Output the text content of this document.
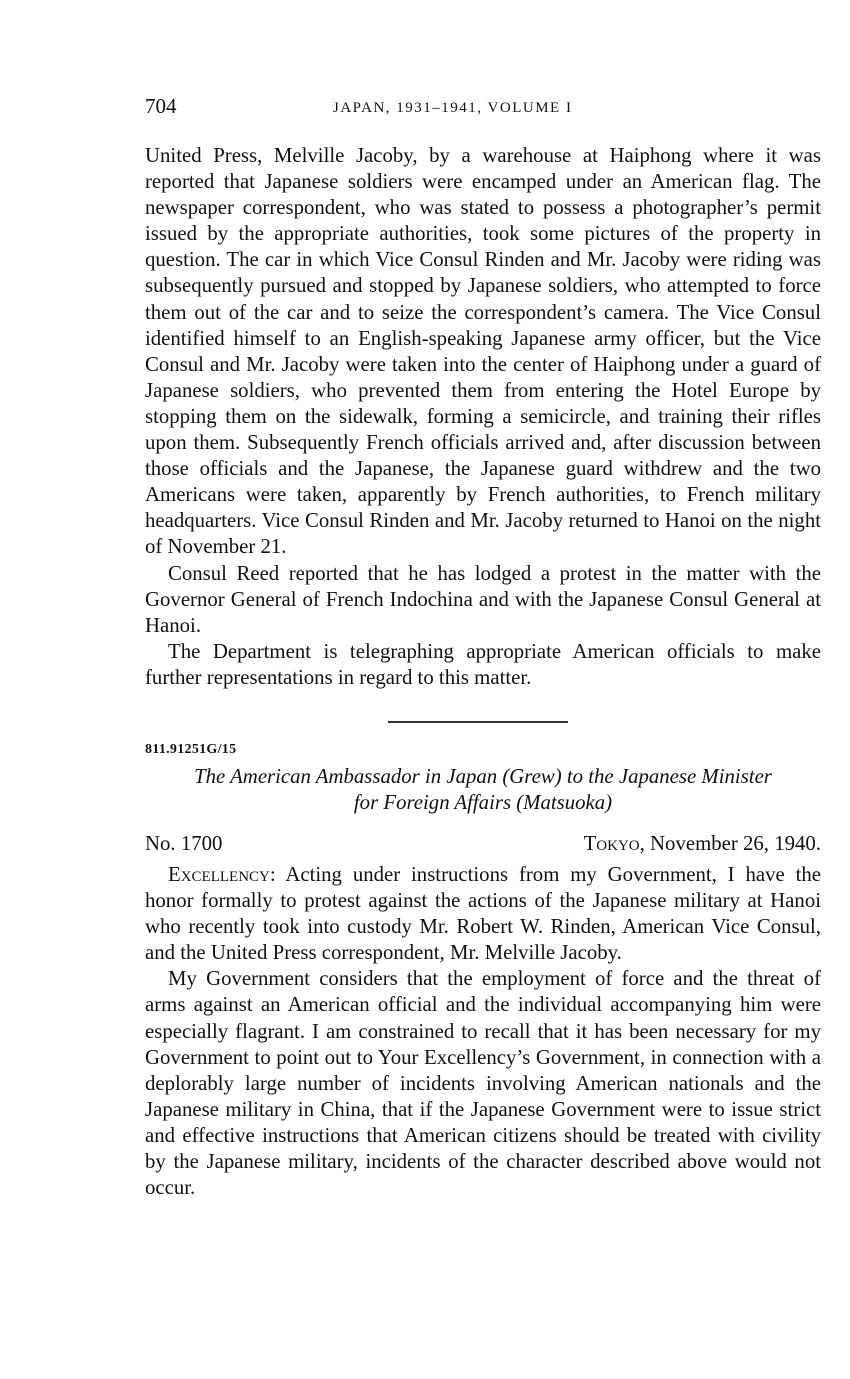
704	JAPAN, 1931–1941, VOLUME I

United Press, Melville Jacoby, by a warehouse at Haiphong where it was reported that Japanese soldiers were encamped under an American flag. The newspaper correspondent, who was stated to possess a photographer’s permit issued by the appropriate authorities, took some pictures of the property in question. The car in which Vice Consul Rinden and Mr. Jacoby were riding was subsequently pursued and stopped by Japanese soldiers, who attempted to force them out of the car and to seize the correspondent’s camera. The Vice Consul identified himself to an English-speaking Japanese army officer, but the Vice Consul and Mr. Jacoby were taken into the center of Haiphong under a guard of Japanese soldiers, who prevented them from entering the Hotel Europe by stopping them on the sidewalk, forming a semicircle, and training their rifles upon them. Subsequently French officials arrived and, after discussion between those officials and the Japanese, the Japanese guard withdrew and the two Americans were taken, apparently by French authorities, to French military headquarters. Vice Consul Rinden and Mr. Jacoby returned to Hanoi on the night of November 21.

Consul Reed reported that he has lodged a protest in the matter with the Governor General of French Indochina and with the Japanese Consul General at Hanoi.

The Department is telegraphing appropriate American officials to make further representations in regard to this matter.

811.91251G/15
The American Ambassador in Japan (Grew) to the Japanese Minister
for Foreign Affairs (Matsuoka)
No. 1700	Tokyo, November 26, 1940.

Excellency: Acting under instructions from my Government, I have the honor formally to protest against the actions of the Japanese military at Hanoi who recently took into custody Mr. Robert W. Rinden, American Vice Consul, and the United Press correspondent, Mr. Melville Jacoby.

My Government considers that the employment of force and the threat of arms against an American official and the individual accompanying him were especially flagrant. I am constrained to recall that it has been necessary for my Government to point out to Your Excellency’s Government, in connection with a deplorably large number of incidents involving American nationals and the Japanese military in China, that if the Japanese Government were to issue strict and effective instructions that American citizens should be treated with civility by the Japanese military, incidents of the character described above would not occur.
